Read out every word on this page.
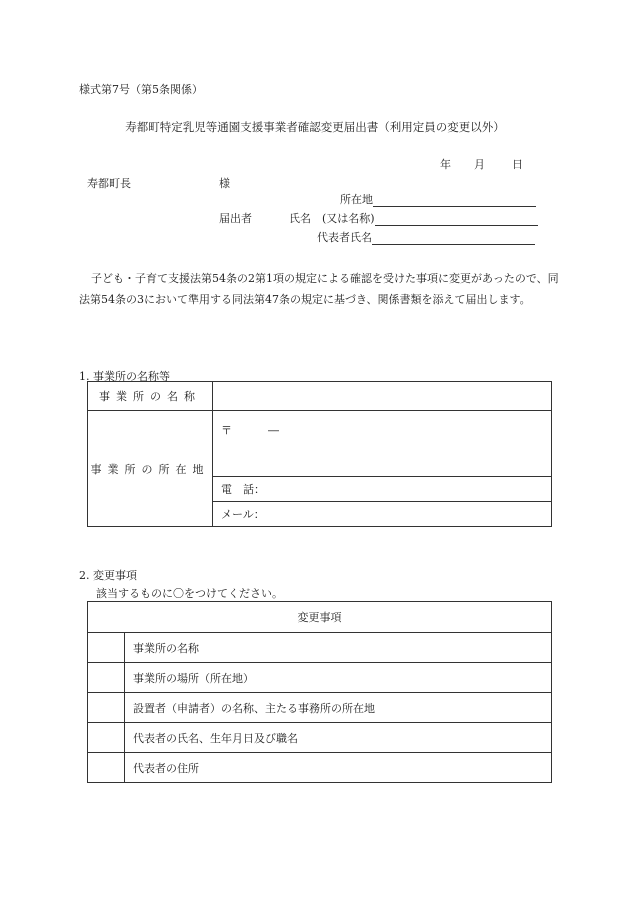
様式第7号（第5条関係）
寿都町特定乳児等通園支援事業者確認変更届出書（利用定員の変更以外）
年 月 日
寿都町長	様
所在地
届出者	氏名　(又は名称)
代表者氏名
子ども・子育て支援法第54条の2第1項の規定による確認を受けた事項に変更があったので、同法第54条の3において準用する同法第47条の規定に基づき、関係書類を添えて届出します。
1. 事業所の名称等
事業所の名称	
事業所の所在地	〒 ―
	電　話：
	メール：
2. 変更事項
該当するものに〇をつけてください。
変更事項	
	事業所の名称
	事業所の場所（所在地）
	設置者（申請者）の名称、主たる事務所の所在地
	代表者の氏名、生年月日及び職名
	代表者の住所
